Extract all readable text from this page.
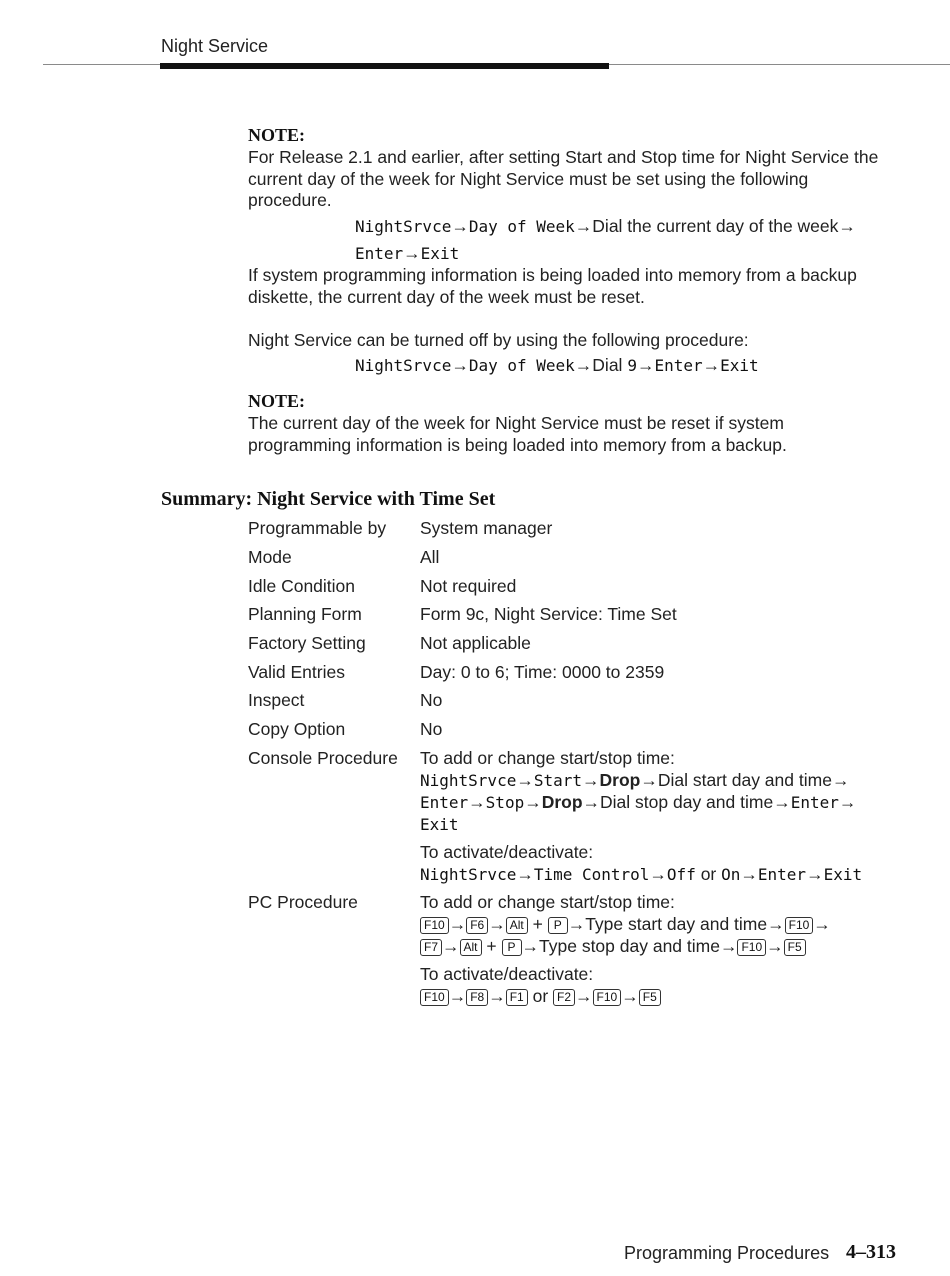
Night Service
NOTE:
For Release 2.1 and earlier, after setting Start and Stop time for Night Service the
current day of the week for Night Service must be set using the following
procedure.
NightSrvce→Day of Week→Dial the current day of the week→
Enter→Exit
If system programming information is being loaded into memory from a backup
diskette, the current day of the week must be reset.
Night Service can be turned off by using the following procedure:
NightSrvce→Day of Week→Dial 9→Enter→Exit
NOTE:
The current day of the week for Night Service must be reset if system
programming information is being loaded into memory from a backup.
Summary: Night Service with Time Set
Programmable by System manager
Mode	All
Idle Condition	Not required
Planning Form	Form 9c, Night Service: Time Set
Factory Setting	Not applicable
Valid Entries	Day: 0 to 6; Time: 0000 to 2359
Inspect	No
Copy Option	No
Console Procedure To add or change start/stop time:
NightSrvce→Start→Drop→Dial start day and time→
Enter→Stop→Drop→Dial stop day and time→Enter→
Exit
To activate/deactivate:
NightSrvce→Time Control→Off or On→Enter→Exit
PC Procedure	To add or change start/stop time:
F10 → F6 → Alt + P →Type start day and time→ F10 →
F7 → Alt + P →Type stop day and time→ F10 → F5
To activate/deactivate:
F10 → F8 → F1 or F2 → F10 → F5
Programming Procedures 4–313
